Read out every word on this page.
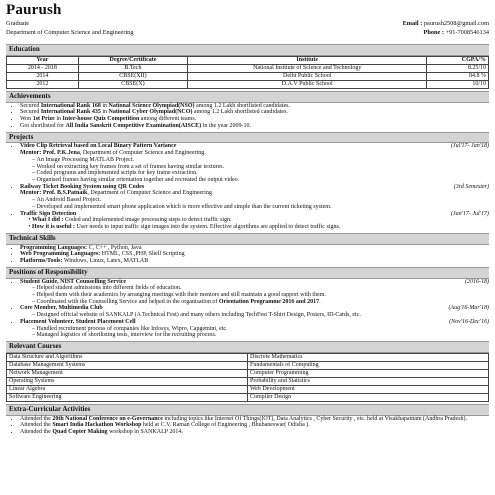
Paurush
Graduate
Department of Computer Science and Engineering
Email : paurush2508@gmail.com
Phone : +91-7008546134
Education
Year	Degree/Certificate	Institute	CGPA/%
2014 - 2018	B.Tech	National Institute of Science and Technology	8.25/10
2014	CBSE(XII)	Delhi Public School	84.8 %
2012	CBSE(X)	D.A.V Public School	10/10
Achievements
• Secured International Rank 168 in National Science Olympiad(NSO) among 1.2 Lakh shortlisted candidates.
• Secured International Rank 435 in National Cyber Olympiad(NCO) among 1.2 Lakh shortlisted candidates.
• Won 1st Prize in Inter-house Quiz Competition among different teams.
• Got shortlisted for All India Sanskrit Competitive Examination(AISCE) in the year 2009-10.
Projects
• Video Clip Retrieval based on Local Binary Pattern Variance	(Jul'17- Jan'18)
Mentor: Prof. P.K.Jena, Department of Computer Science and Engineering.
– An Image Processing MATLAB Project.
– Worked on extracting key frames from a set of frames having similar textures.
– Coded programs and implemented scripts for key frame extraction.
– Organised frames having similar orientation together and recreated the output video.
• Railway Ticket Booking System using QR Codes	(3rd Semester)
Mentor: Prof. B.S.Patnaik, Department of Computer Science and Engineering
– An Android Based Project.
– Developed and implemented smart phone application which is more effective and simple than the current ticketing system.
• Traffic Sign Detection	(Jan'17- Jul'17)
•  What I did : Coded and implemented image processing steps to detect traffic sign.
•  How it is useful : User needs to input traffic sign images into the system. Effective algorithms are applied to detect traffic signs.
Technical Skills
• Programming Languages: C, C++ , Python, Java
• Web Programming Languages: HTML, CSS ,PHP, Shell Scripting
• Platforms/Tools: Windows, Linux, Latex, MATLAB
Positions of Responsibility
• Student Guide, NIST Counselling Service	(2016-18)
– Helped student admissions into different fields of education.
– Helped them with their academics by arranging meetings with their mentors and still maintain a good rapport with them.
– Coordinated with the Counselling Service and helped in the organisation of Orientation Programme 2016 and 2017.
• Core Member, Multimedia Club	(Aug'16-Mar'18)
– Designed official website of SANKALP (A Technical Fest) and many others including TechFest T-Shirt Design, Posters, ID-Cards, etc.
• Placement Volunteer, Student Placement Cell	(Nov'16-Dec'16)
– Handled recruitment process of companies like Infosys, Wipro, Capgemini, etc.
– Managed logistics of shortlisting tests, interview for the recruiting process.
Relevant Courses
Data Structure and Algorithms	Discrete Mathematics
Database Management Systems	Fundamentals of Computing
Network Management	Computer Programming
Operating Systems	Probability and Statistics
Linear Algebra	Web Development
Software Engineering	Compiler Design
Extra-Curricular Activities
• Attended the 20th National Conference on e-Governance including topics like Internet Of Things(IOT), Data Analytics , Cyber Security , etc. held at Visakhapatnam (Andhra Pradesh).
• Attended the Smart India Hackathon Workshop held at C.V. Raman College of Engineering , Bhubaneswar( Odisha ).
• Attended the Quad Copter Making workshop in SANKALP 2014.
